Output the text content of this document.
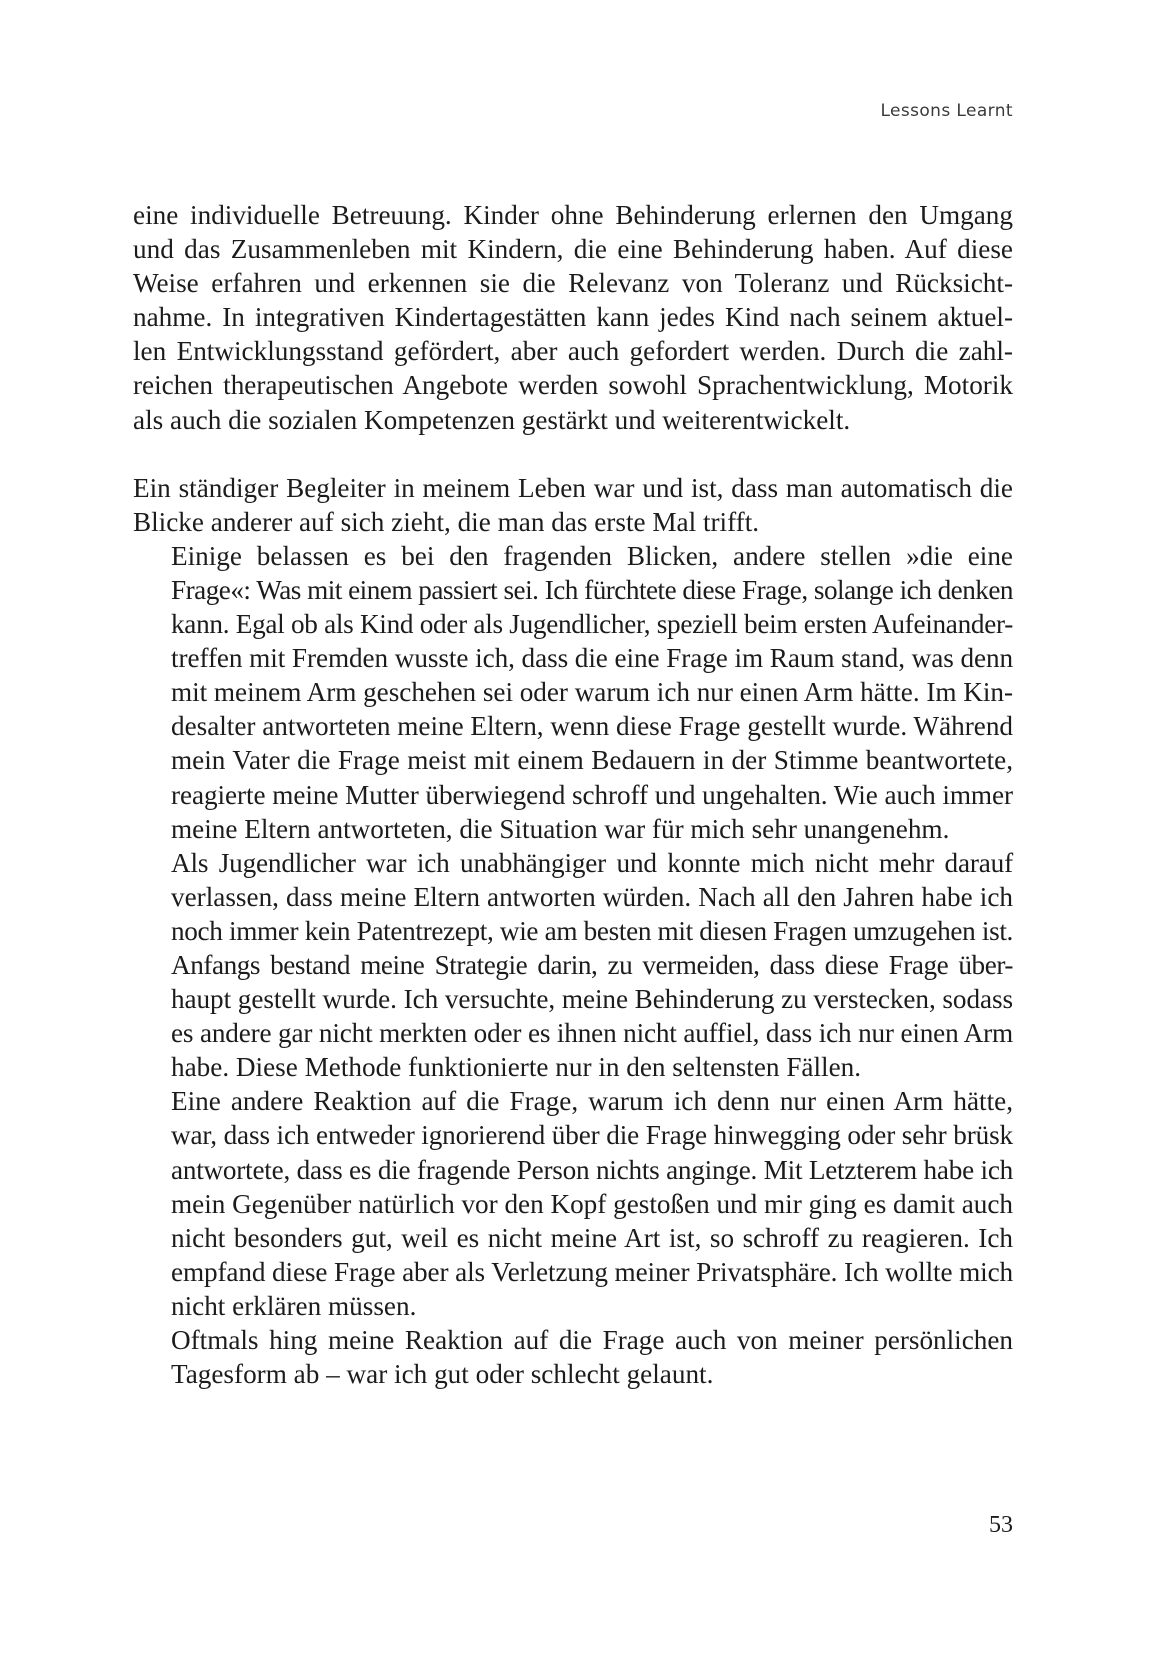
Lessons Learnt

eine individuelle Betreuung. Kinder ohne Behinderung erlernen den Umgang
und das Zusammenleben mit Kindern, die eine Behinderung haben. Auf diese
Weise erfahren und erkennen sie die Relevanz von Toleranz und Rücksicht-
nahme. In integrativen Kindertagestätten kann jedes Kind nach seinem aktuel-
len Entwicklungsstand gefördert, aber auch gefordert werden. Durch die zahl-
reichen therapeutischen Angebote werden sowohl Sprachentwicklung, Motorik
als auch die sozialen Kompetenzen gestärkt und weiterentwickelt.

Ein ständiger Begleiter in meinem Leben war und ist, dass man automatisch die
Blicke anderer auf sich zieht, die man das erste Mal trifft.

Einige belassen es bei den fragenden Blicken, andere stellen »die eine
Frage«: Was mit einem passiert sei. Ich fürchtete diese Frage, solange ich denken
kann. Egal ob als Kind oder als Jugendlicher, speziell beim ersten Aufeinander-
treffen mit Fremden wusste ich, dass die eine Frage im Raum stand, was denn
mit meinem Arm geschehen sei oder warum ich nur einen Arm hätte. Im Kin-
desalter antworteten meine Eltern, wenn diese Frage gestellt wurde. Während
mein Vater die Frage meist mit einem Bedauern in der Stimme beantwortete,
reagierte meine Mutter überwiegend schroff und ungehalten. Wie auch immer
meine Eltern antworteten, die Situation war für mich sehr unangenehm.

Als Jugendlicher war ich unabhängiger und konnte mich nicht mehr darauf
verlassen, dass meine Eltern antworten würden. Nach all den Jahren habe ich
noch immer kein Patentrezept, wie am besten mit diesen Fragen umzugehen ist.

Anfangs bestand meine Strategie darin, zu vermeiden, dass diese Frage über-
haupt gestellt wurde. Ich versuchte, meine Behinderung zu verstecken, sodass
es andere gar nicht merkten oder es ihnen nicht auffiel, dass ich nur einen Arm
habe. Diese Methode funktionierte nur in den seltensten Fällen.

Eine andere Reaktion auf die Frage, warum ich denn nur einen Arm hätte,
war, dass ich entweder ignorierend über die Frage hinwegging oder sehr brüsk
antwortete, dass es die fragende Person nichts anginge. Mit Letzterem habe ich
mein Gegenüber natürlich vor den Kopf gestoßen und mir ging es damit auch
nicht besonders gut, weil es nicht meine Art ist, so schroff zu reagieren. Ich
empfand diese Frage aber als Verletzung meiner Privatsphäre. Ich wollte mich
nicht erklären müssen.

Oftmals hing meine Reaktion auf die Frage auch von meiner persönlichen
Tagesform ab – war ich gut oder schlecht gelaunt.

53
